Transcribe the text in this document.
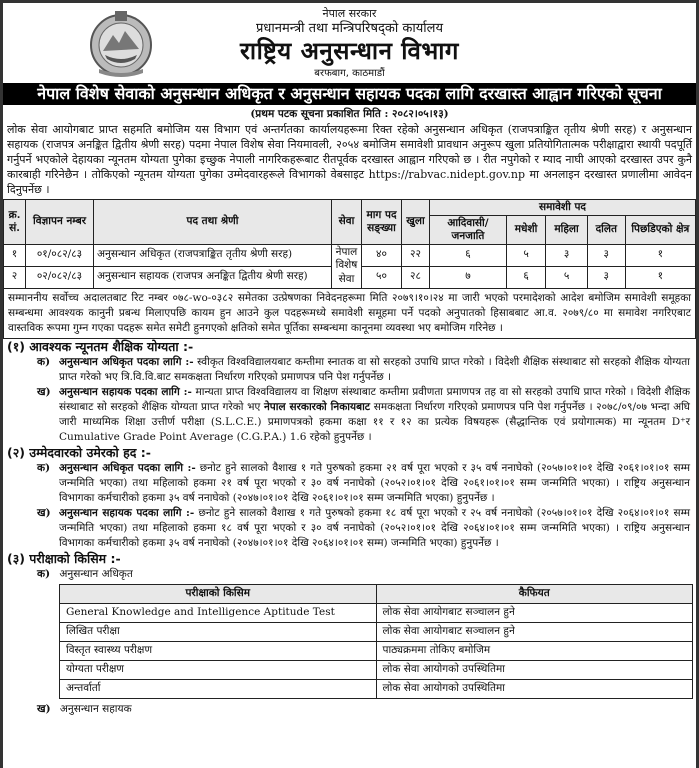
नेपाल सरकार
प्रधानमन्त्री तथा मन्त्रिपरिषद्को कार्यालय
राष्ट्रिय अनुसन्धान विभाग
बरफबाग, काठमाडौं
नेपाल विशेष सेवाको अनुसन्धान अधिकृत र अनुसन्धान सहायक पदका लागि दरखास्त आह्वान गरिएको सूचना
(प्रथम पटक सूचना प्रकाशित मिति : २०८२।०५।१३)
लोक सेवा आयोगबाट प्राप्त सहमति बमोजिम यस विभाग एवं अन्तर्गतका कार्यालयहरूमा रिक्त रहेको अनुसन्धान अधिकृत (राजपत्राङ्कित तृतीय श्रेणी सरह) र अनुसन्धान सहायक (राजपत्र अनङ्कित द्वितीय श्रेणी सरह) पदमा नेपाल विशेष सेवा नियमावली, २०५४ बमोजिम समावेशी प्रावधान अनुरूप खुला प्रतियोगितात्मक परीक्षाद्वारा स्थायी पदपूर्ति गर्नुपर्ने भएकोले देहायका न्यूनतम योग्यता पुगेका इच्छुक नेपाली नागरिकहरूबाट रीतपूर्वक दरखास्त आह्वान गरिएको छ । रीत नपुगेको र म्याद नाघी आएको दरखास्त उपर कुनै कारबाही गरिनेछैन । तोकिएको न्यूनतम योग्यता पुगेका उम्मेदवारहरूले विभागको वेबसाइट https://rabvac.nidept.gov.np मा अनलाइन दरखास्त प्रणालीमा आवेदन दिनुपर्नेछ ।
क्र. सं.	विज्ञापन नम्बर	पद तथा श्रेणी	सेवा	माग पद सङ्ख्या	खुला	समावेशी पद				
						आदिवासी/जनजाति	मधेशी	महिला	दलित	पिछडिएको क्षेत्र
१	०१/०८२/८३	अनुसन्धान अधिकृत (राजपत्राङ्कित तृतीय श्रेणी सरह)	नेपाल विशेष सेवा	४०	२२	६	५	३	३	१
२	०२/०८२/८३	अनुसन्धान सहायक (राजपत्र अनङ्कित द्वितीय श्रेणी सरह)		५०	२८	७	६	५	३	१
सम्माननीय सर्वोच्च अदालतबाट रिट नम्बर ०७८-wo-०३८२ समेतका उत्प्रेषणका निवेदनहरूमा मिति २०७९।१०।२४ मा जारी भएको परमादेशको आदेश बमोजिम समावेशी समूहका सम्बन्धमा आवश्यक कानुनी प्रबन्ध मिलाएपछि कायम हुन आउने कुल पदहरूमध्ये समावेशी समूहमा पर्ने पदको अनुपातको हिसाबबाट आ.व. २०७९/८० मा समावेश नगरिएबाट वास्तविक रूपमा गुम्न गएका पदहरू समेत समेटी हुनगएको क्षतिको समेत पूर्तिका सम्बन्धमा कानूनमा व्यवस्था भए बमोजिम गरिनेछ ।										
(१) आवश्यक न्यूनतम शैक्षिक योग्यता :-
क) अनुसन्धान अधिकृत पदका लागि :- स्वीकृत विश्वविद्यालयबाट कम्तीमा स्नातक वा सो सरहको उपाधि प्राप्त गरेको । विदेशी शैक्षिक संस्थाबाट सो सरहको शैक्षिक योग्यता प्राप्त गरेको भए त्रि.वि.वि.बाट समकक्षता निर्धारण गरिएको प्रमाणपत्र पनि पेश गर्नुपर्नेछ ।
ख) अनुसन्धान सहायक पदका लागि :- मान्यता प्राप्त विश्वविद्यालय वा शिक्षण संस्थाबाट कम्तीमा प्रवीणता प्रमाणपत्र तह वा सो सरहको उपाधि प्राप्त गरेको । विदेशी शैक्षिक संस्थाबाट सो सरहको शैक्षिक योग्यता प्राप्त गरेको भए नेपाल सरकारको निकायबाट समकक्षता निर्धारण गरिएको प्रमाणपत्र पनि पेश गर्नुपर्नेछ । २०७८/०९/०७ भन्दा अघि जारी माध्यमिक शिक्षा उत्तीर्ण परीक्षा (S.L.C.E.) प्रमाणपत्रको हकमा कक्षा ११ र १२ का प्रत्येक विषयहरू (सैद्धान्तिक एवं प्रयोगात्मक) मा न्यूनतम D⁺र Cumulative Grade Point Average (C.G.P.A.) 1.6 रहेको हुनुपर्नेछ ।
(२) उम्मेदवारको उमेरको हद :-
क) अनुसन्धान अधिकृत पदका लागि :- छनोट हुने सालको वैशाख १ गते पुरुषको हकमा २१ वर्ष पूरा भएको र ३५ वर्ष ननाघेको (२०५७।०१।०१ देखि २०६१।०१।०१ सम्म जन्ममिति भएका) तथा महिलाको हकमा २१ वर्ष पूरा भएको र ३० वर्ष ननाघेको (२०५२।०१।०१ देखि २०६१।०१।०१ सम्म जन्ममिति भएका) । राष्ट्रिय अनुसन्धान विभागका कर्मचारीको हकमा ३५ वर्ष ननाघेको (२०४७।०१।०१ देखि २०६१।०१।०१ सम्म जन्ममिति भएका) हुनुपर्नेछ ।
ख) अनुसन्धान सहायक पदका लागि :- छनोट हुने सालको वैशाख १ गते पुरुषको हकमा १८ वर्ष पूरा भएको र २५ वर्ष ननाघेको (२०५७।०१।०१ देखि २०६४।०१।०१ सम्म जन्ममिति भएका) तथा महिलाको हकमा १८ वर्ष पूरा भएको र ३० वर्ष ननाघेको (२०५२।०१।०१ देखि २०६४।०१।०१ सम्म जन्ममिति भएका) । राष्ट्रिय अनुसन्धान विभागका कर्मचारीको हकमा ३५ वर्ष ननाघेको (२०४७।०१।०१ देखि २०६४।०१।०१ सम्म) जन्ममिति भएका) हुनुपर्नेछ ।
(३) परीक्षाको किसिम :-
क) अनुसन्धान अधिकृत
परीक्षाको किसिम	कैफियत
General Knowledge and Intelligence Aptitude Test	लोक सेवा आयोगबाट सञ्चालन हुने
लिखित परीक्षा	लोक सेवा आयोगबाट सञ्चालन हुने
विस्तृत स्वास्थ्य परीक्षण	पाठ्यक्रममा तोकिए बमोजिम
योग्यता परीक्षण	लोक सेवा आयोगको उपस्थितिमा
अन्तर्वार्ता	लोक सेवा आयोगको उपस्थितिमा
ख) अनुसन्धान सहायक
